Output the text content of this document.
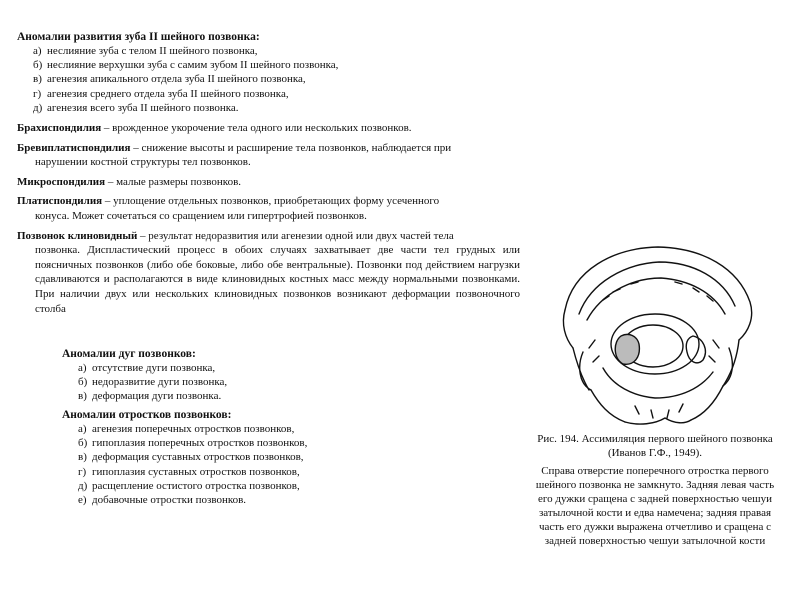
Аномалии развития зуба II шейного позвонка:
а) неслияние зуба с телом II шейного позвонка,
б) неслияние верхушки зуба с самим зубом II шейного позвонка,
в) агенезия апикального отдела зуба II шейного позвонка,
г) агенезия среднего отдела зуба II шейного позвонка,
д) агенезия всего зуба II шейного позвонка.

Брахиспондилия – врожденное укорочение тела одного или нескольких позвонков.

Бревиплатиспондилия – снижение высоты и расширение тела позвонков, наблюдается при
нарушении костной структуры тел позвонков.

Микроспондилия – малые размеры позвонков.

Платиспондилия – уплощение отдельных позвонков, приобретающих форму усеченного
конуса. Может сочетаться со сращением или гипертрофией позвонков.

Позвонок клиновидный – результат недоразвития или агенезии одной или двух частей тела
позвонка. Диспластический процесс в обоих случаях захватывает две части тел грудных или поясничных позвонков (либо обе боковые, либо обе вентральные). Позвонки под действием нагрузки сдавливаются и располагаются в виде клиновидных костных масс между нормальными позвонками. При наличии двух или нескольких клиновидных позвонков возникают деформации позвоночного столба

Аномалии дуг позвонков:
а) отсутствие дуги позвонка,
б) недоразвитие дуги позвонка,
в) деформация дуги позвонка.
Аномалии отростков позвонков:
а) агенезия поперечных отростков позвонков,
б) гипоплазия поперечных отростков позвонков,
в) деформация суставных отростков позвонков,
г) гипоплазия суставных отростков позвонков,
д) расщепление остистого отростка позвонков,
е) добавочные отростки позвонков.
Рис. 194. Ассимиляция первого шейного позвонка (Иванов Г.Ф., 1949).
Справа отверстие поперечного отростка первого шейного позвонка не замкнуто. Задняя левая часть его дужки сращена с задней поверхностью чешуи затылочной кости и едва намечена; задняя правая часть его дужки выражена отчетливо и сращена с задней поверхностью чешуи затылочной кости
